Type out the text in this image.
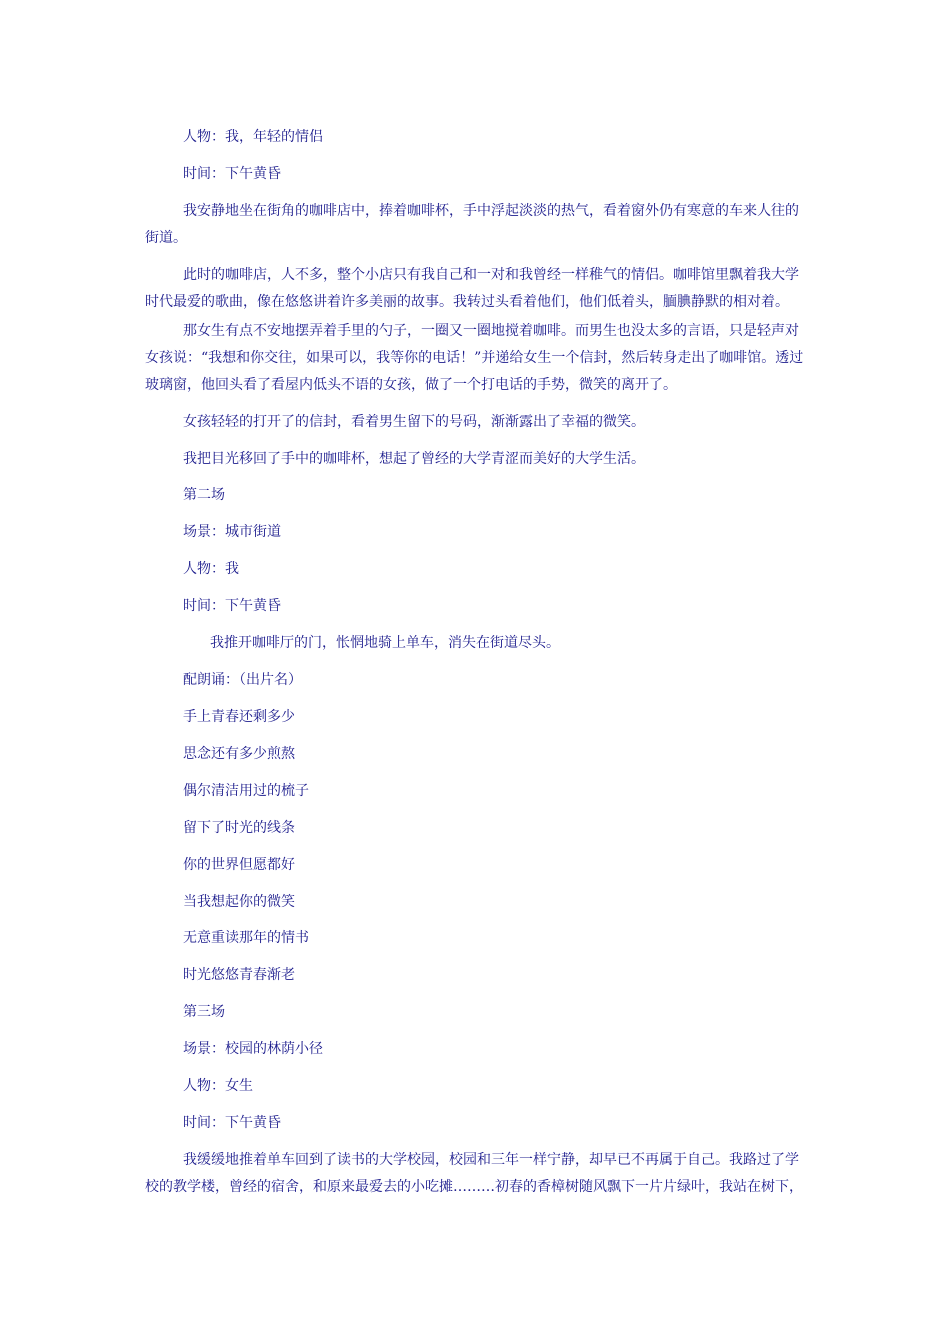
人物：我，年轻的情侣

时间：下午黄昏

我安静地坐在街角的咖啡店中，捧着咖啡杯，手中浮起淡淡的热气，看着窗外仍有寒意的车来人往的街道。

此时的咖啡店，人不多，整个小店只有我自己和一对和我曾经一样稚气的情侣。咖啡馆里飘着我大学时代最爱的歌曲，像在悠悠讲着许多美丽的故事。我转过头看着他们，他们低着头，腼腆静默的相对着。

那女生有点不安地摆弄着手里的勺子，一圈又一圈地搅着咖啡。而男生也没太多的言语，只是轻声对女孩说：“我想和你交往，如果可以，我等你的电话！”并递给女生一个信封，然后转身走出了咖啡馆。透过玻璃窗，他回头看了看屋内低头不语的女孩，做了一个打电话的手势，微笑的离开了。

女孩轻轻的打开了的信封，看着男生留下的号码，渐渐露出了幸福的微笑。

我把目光移回了手中的咖啡杯，想起了曾经的大学青涩而美好的大学生活。

第二场

场景：城市街道

人物：我

时间：下午黄昏

我推开咖啡厅的门，怅惘地骑上单车，消失在街道尽头。

配朗诵：（出片名）

手上青春还剩多少

思念还有多少煎熬

偶尔清洁用过的梳子

留下了时光的线条

你的世界但愿都好

当我想起你的微笑

无意重读那年的情书

时光悠悠青春渐老

第三场

场景：校园的林荫小径

人物：女生

时间：下午黄昏

我缓缓地推着单车回到了读书的大学校园，校园和三年一样宁静，却早已不再属于自己。我路过了学校的教学楼，曾经的宿舍，和原来最爱去的小吃摊………初春的香樟树随风飘下一片片绿叶，我站在树下，
